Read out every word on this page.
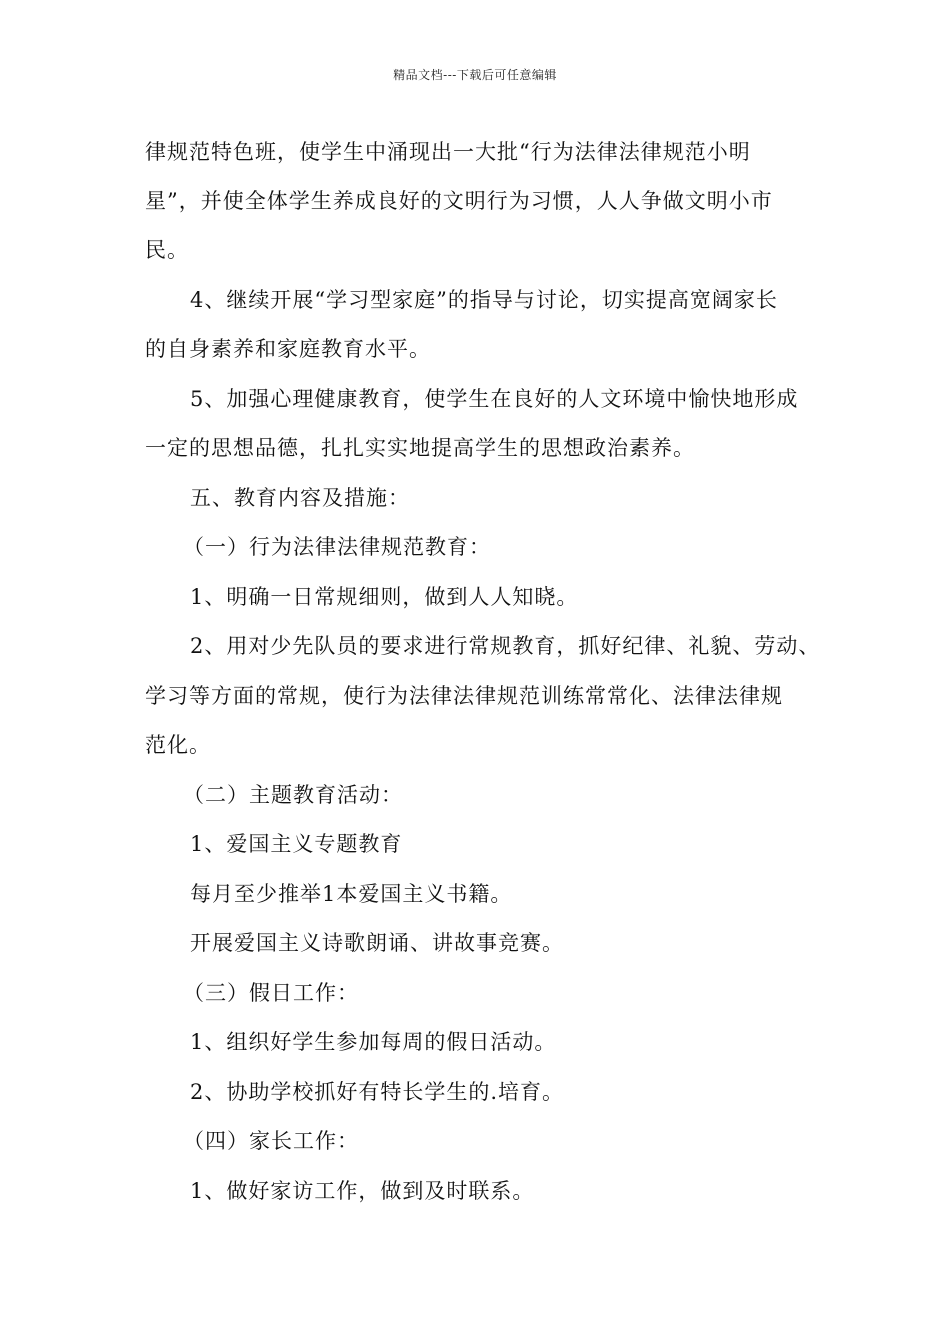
精品文档---下载后可任意编辑
律规范特色班，使学生中涌现出一大批“行为法律法律规范小明
星”，并使全体学生养成良好的文明行为习惯，人人争做文明小市
民。
4、继续开展“学习型家庭”的指导与讨论，切实提高宽阔家长
的自身素养和家庭教育水平。
5、加强心理健康教育，使学生在良好的人文环境中愉快地形成
一定的思想品德，扎扎实实地提高学生的思想政治素养。
五、教育内容及措施：
（一）行为法律法律规范教育：
1、明确一日常规细则，做到人人知晓。
2、用对少先队员的要求进行常规教育，抓好纪律、礼貌、劳动、
学习等方面的常规，使行为法律法律规范训练常常化、法律法律规
范化。
（二）主题教育活动：
1、爱国主义专题教育
每月至少推举1本爱国主义书籍。
开展爱国主义诗歌朗诵、讲故事竞赛。
（三）假日工作：
1、组织好学生参加每周的假日活动。
2、协助学校抓好有特长学生的.培育。
（四）家长工作：
1、做好家访工作，做到及时联系。
